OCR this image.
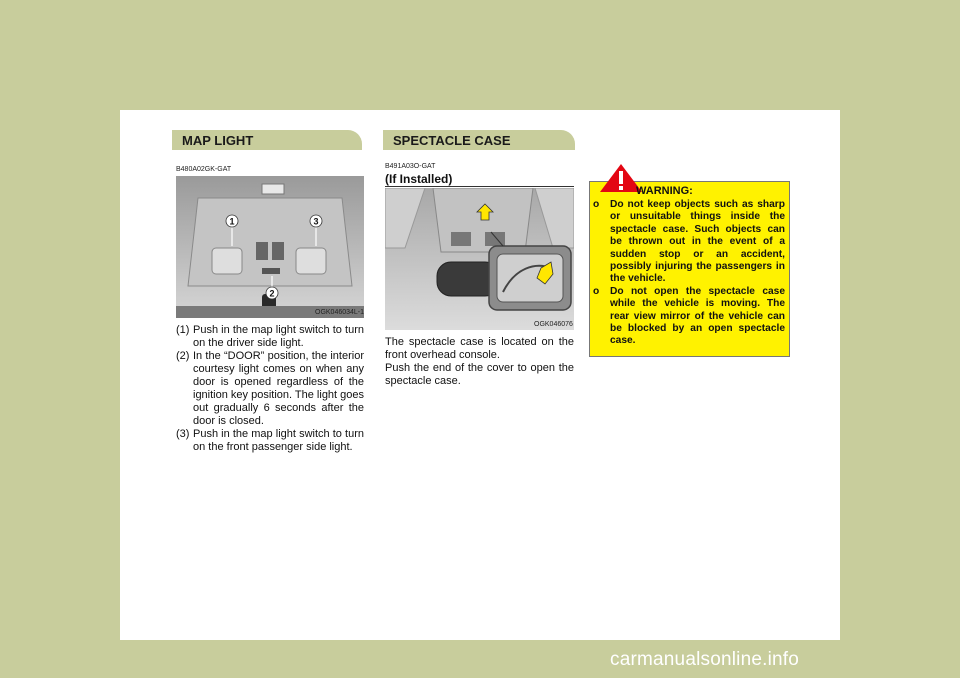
1 FEATURES OF YOUR HYUNDAI
68	MAP LIGHT
B480A02GK-GAT
1
2
3
OGK046034L-1
(1) Push in the map light switch to turn on the driver side light.
(2) In the “DOOR” position, the interior courtesy light comes on when any door is opened regardless of the ignition key position. The light goes out gradually 6 seconds after the door is closed.
(3) Push in the map light switch to turn on the front passenger side light.
SPECTACLE CASE
B491A03O-GAT
(If Installed)
OGK046076

The spectacle case is located on the front overhead console.

Push the end of the cover to open the spectacle case.

WARNING:
o	Do not keep objects such as sharp or unsuitable things inside the spectacle case. Such objects can be thrown out in the event of a sudden stop or an accident, possibly injuring the passengers in the vehicle.
o	Do not open the spectacle case while the vehicle is moving. The rear view mirror of the vehicle can be blocked by an open spectacle case.
carmanualsonline.info
